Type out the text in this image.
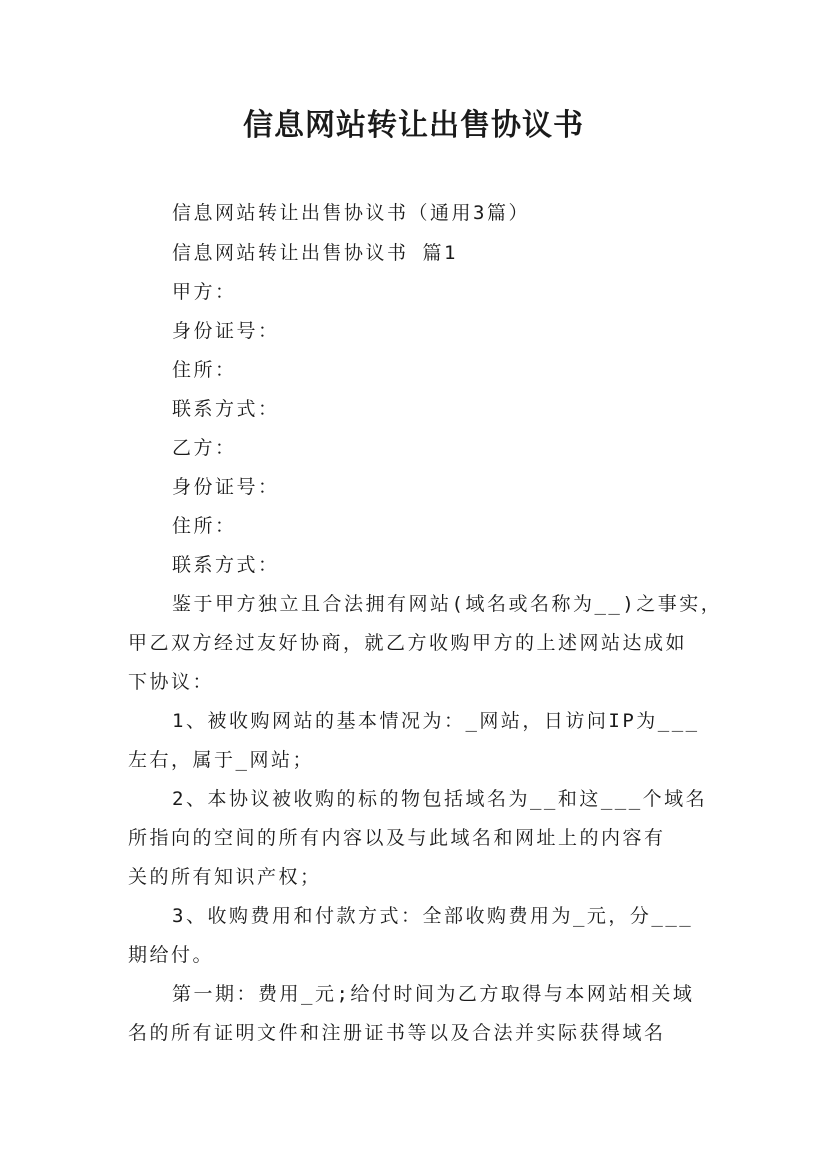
信息网站转让出售协议书
信息网站转让出售协议书（通用3篇）
信息网站转让出售协议书 篇1
甲方：
身份证号：
住所：
联系方式：
乙方：
身份证号：
住所：
联系方式：
鉴于甲方独立且合法拥有网站(域名或名称为__)之事实，
甲乙双方经过友好协商，就乙方收购甲方的上述网站达成如
下协议：
1、被收购网站的基本情况为：_网站，日访问IP为___
左右，属于_网站；
2、本协议被收购的标的物包括域名为__和这___个域名
所指向的空间的所有内容以及与此域名和网址上的内容有
关的所有知识产权；
3、收购费用和付款方式：全部收购费用为_元，分___
期给付。
第一期：费用_元;给付时间为乙方取得与本网站相关域
名的所有证明文件和注册证书等以及合法并实际获得域名
